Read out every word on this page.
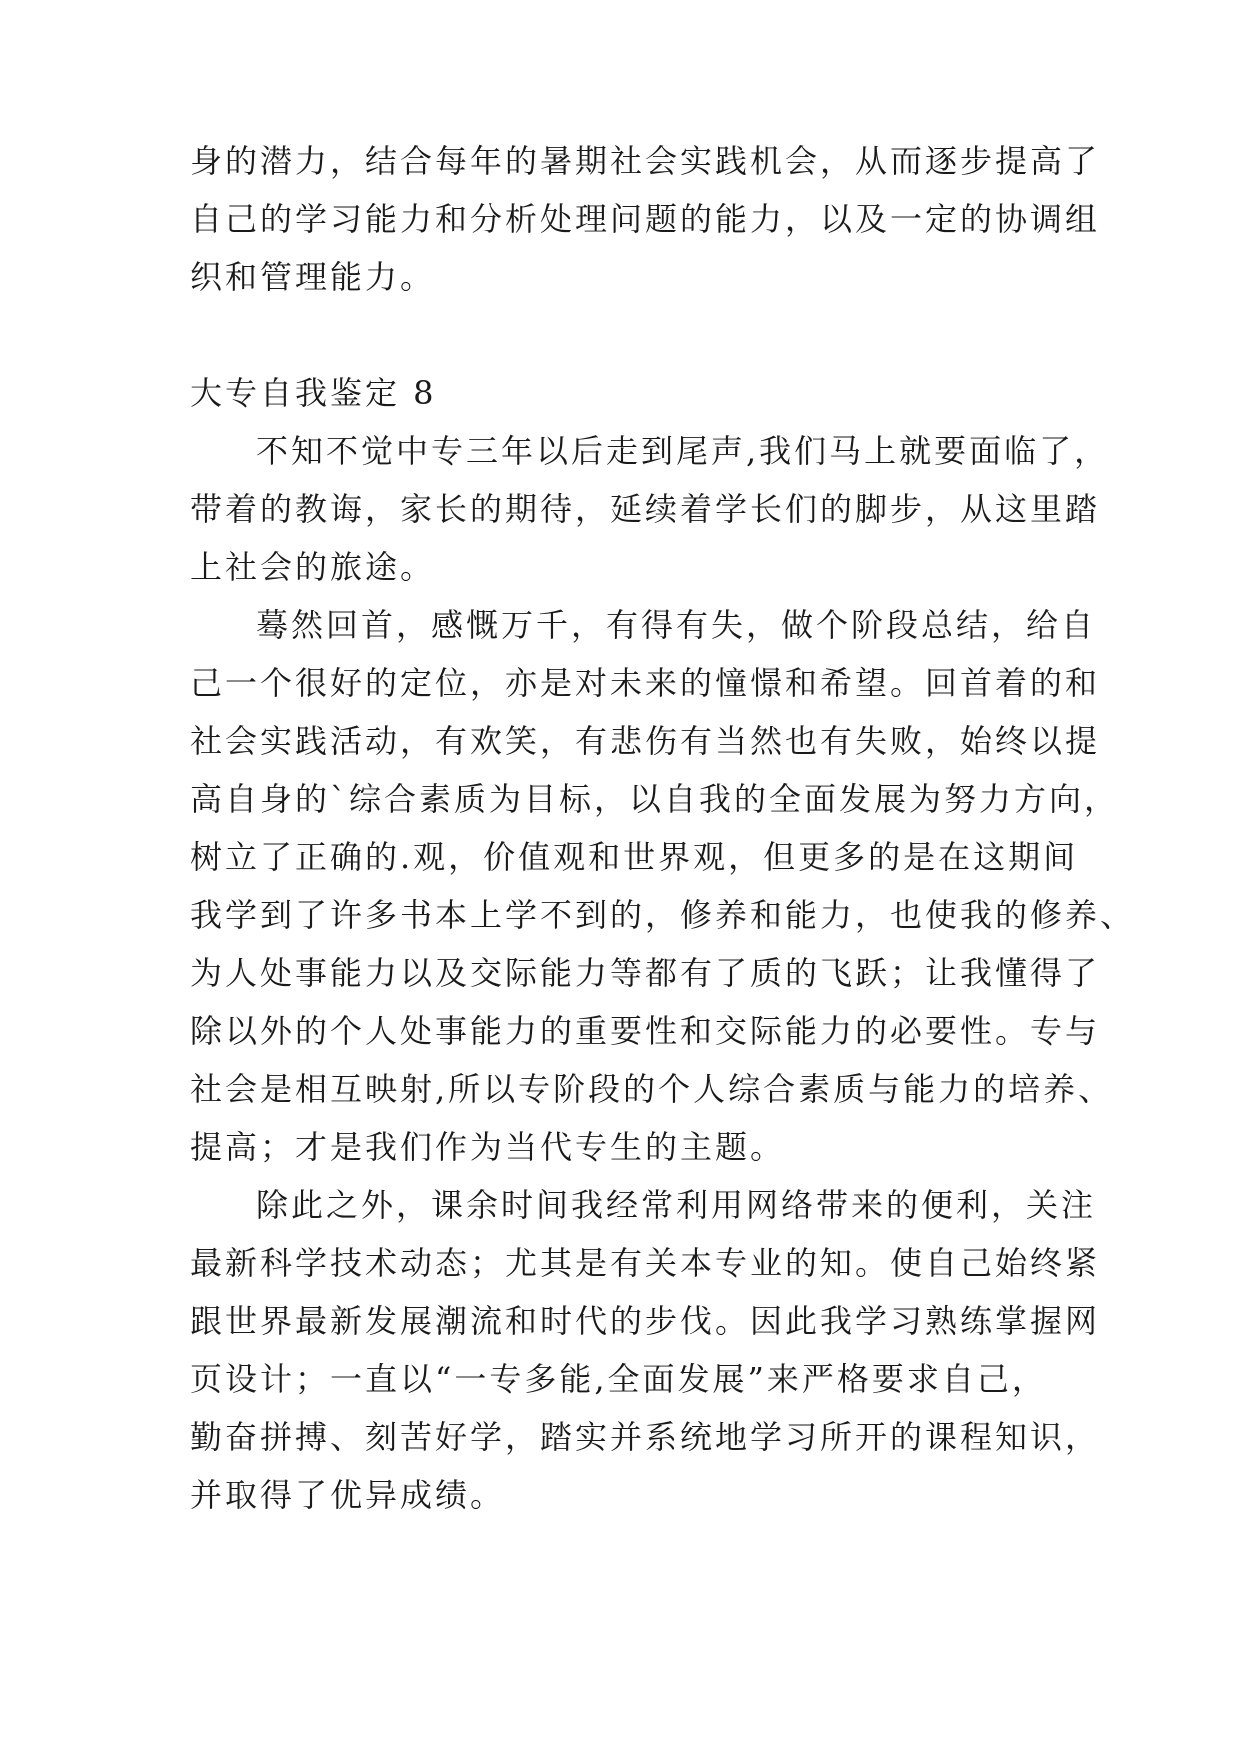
身的潜力，结合每年的暑期社会实践机会，从而逐步提高了
自己的学习能力和分析处理问题的能力，以及一定的协调组
织和管理能力。
大专自我鉴定 8
不知不觉中专三年以后走到尾声,我们马上就要面临了，
带着的教诲，家长的期待，延续着学长们的脚步，从这里踏
上社会的旅途。
蓦然回首，感慨万千，有得有失，做个阶段总结，给自
己一个很好的定位，亦是对未来的憧憬和希望。回首着的和
社会实践活动，有欢笑，有悲伤有当然也有失败，始终以提
高自身的`综合素质为目标，以自我的全面发展为努力方向，
树立了正确的.观，价值观和世界观，但更多的是在这期间
我学到了许多书本上学不到的，修养和能力，也使我的修养、
为人处事能力以及交际能力等都有了质的飞跃；让我懂得了
除以外的个人处事能力的重要性和交际能力的必要性。专与
社会是相互映射,所以专阶段的个人综合素质与能力的培养、
提高；才是我们作为当代专生的主题。
除此之外，课余时间我经常利用网络带来的便利，关注
最新科学技术动态；尤其是有关本专业的知。使自己始终紧
跟世界最新发展潮流和时代的步伐。因此我学习熟练掌握网
页设计；一直以“一专多能,全面发展”来严格要求自己，
勤奋拼搏、刻苦好学，踏实并系统地学习所开的课程知识，
并取得了优异成绩。
